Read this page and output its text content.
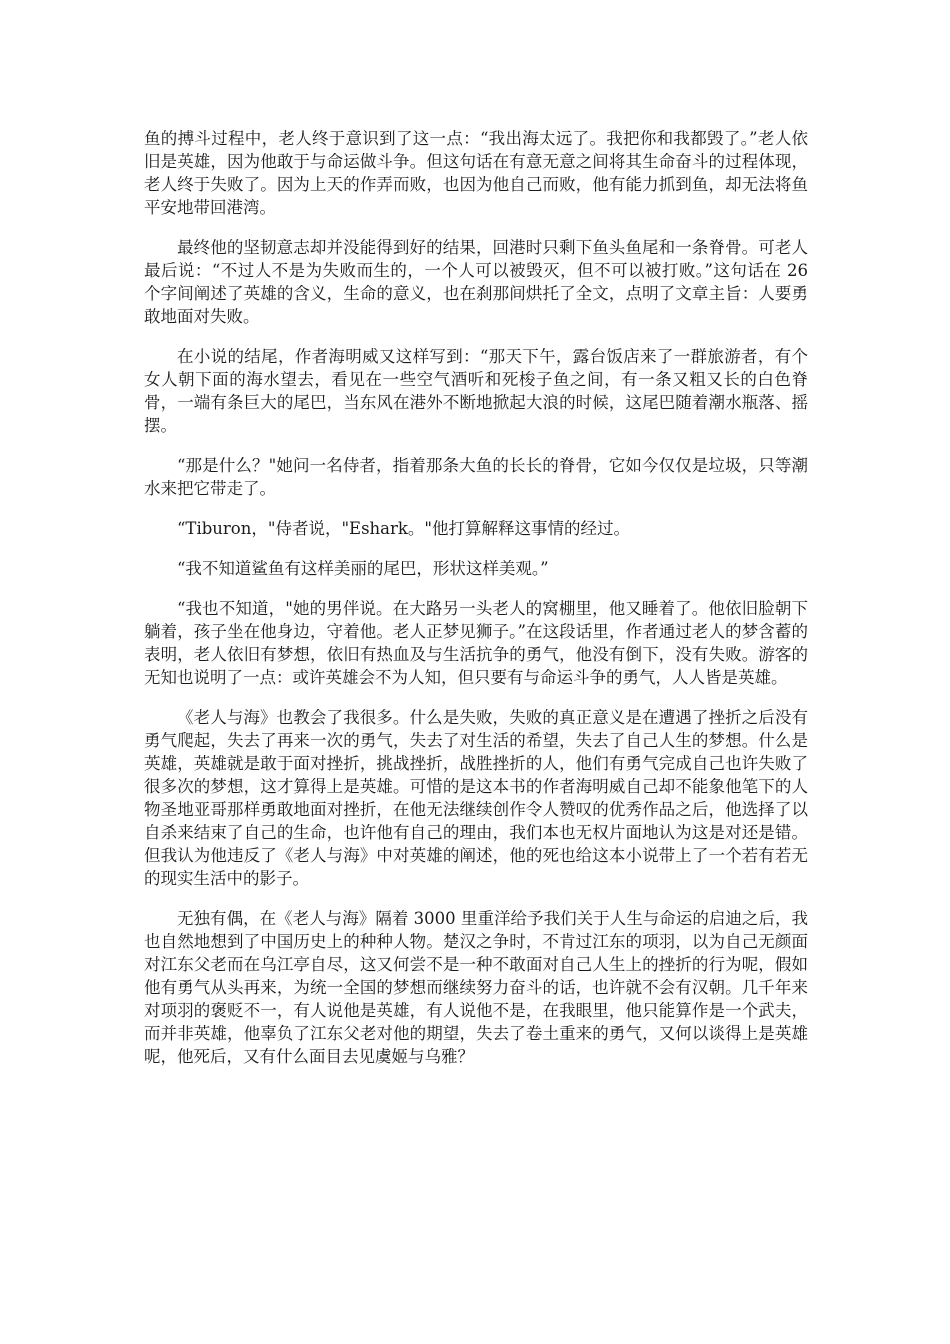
鱼的搏斗过程中，老人终于意识到了这一点：“我出海太远了。我把你和我都毁了。”老人依旧是英雄，因为他敢于与命运做斗争。但这句话在有意无意之间将其生命奋斗的过程体现，老人终于失败了。因为上天的作弄而败，也因为他自己而败，他有能力抓到鱼，却无法将鱼平安地带回港湾。

最终他的坚韧意志却并没能得到好的结果，回港时只剩下鱼头鱼尾和一条脊骨。可老人最后说：“不过人不是为失败而生的，一个人可以被毁灭，但不可以被打败。”这句话在 26 个字间阐述了英雄的含义，生命的意义，也在刹那间烘托了全文，点明了文章主旨：人要勇敢地面对失败。

在小说的结尾，作者海明威又这样写到：“那天下午，露台饭店来了一群旅游者，有个女人朝下面的海水望去，看见在一些空气酒听和死梭子鱼之间，有一条又粗又长的白色脊骨，一端有条巨大的尾巴，当东风在港外不断地掀起大浪的时候，这尾巴随着潮水瓶落、摇摆。

“那是什么？"她问一名侍者，指着那条大鱼的长长的脊骨，它如今仅仅是垃圾，只等潮水来把它带走了。

“Tiburon，"侍者说，"Eshark。"他打算解释这事情的经过。

“我不知道鲨鱼有这样美丽的尾巴，形状这样美观。”

“我也不知道，"她的男伴说。在大路另一头老人的窝棚里，他又睡着了。他依旧脸朝下躺着，孩子坐在他身边，守着他。老人正梦见狮子。”在这段话里，作者通过老人的梦含蓄的表明，老人依旧有梦想，依旧有热血及与生活抗争的勇气，他没有倒下，没有失败。游客的无知也说明了一点：或许英雄会不为人知，但只要有与命运斗争的勇气，人人皆是英雄。

《老人与海》也教会了我很多。什么是失败，失败的真正意义是在遭遇了挫折之后没有勇气爬起，失去了再来一次的勇气，失去了对生活的希望，失去了自己人生的梦想。什么是英雄，英雄就是敢于面对挫折，挑战挫折，战胜挫折的人，他们有勇气完成自己也许失败了很多次的梦想，这才算得上是英雄。可惜的是这本书的作者海明威自己却不能象他笔下的人物圣地亚哥那样勇敢地面对挫折，在他无法继续创作令人赞叹的优秀作品之后，他选择了以自杀来结束了自己的生命，也许他有自己的理由，我们本也无权片面地认为这是对还是错。但我认为他违反了《老人与海》中对英雄的阐述，他的死也给这本小说带上了一个若有若无的现实生活中的影子。

无独有偶，在《老人与海》隔着 3000 里重洋给予我们关于人生与命运的启迪之后，我也自然地想到了中国历史上的种种人物。楚汉之争时，不肯过江东的项羽，以为自己无颜面对江东父老而在乌江亭自尽，这又何尝不是一种不敢面对自己人生上的挫折的行为呢，假如他有勇气从头再来，为统一全国的梦想而继续努力奋斗的话，也许就不会有汉朝。几千年来对项羽的褒贬不一，有人说他是英雄，有人说他不是，在我眼里，他只能算作是一个武夫，而并非英雄，他辜负了江东父老对他的期望，失去了卷土重来的勇气，又何以谈得上是英雄呢，他死后，又有什么面目去见虞姬与乌雅？
